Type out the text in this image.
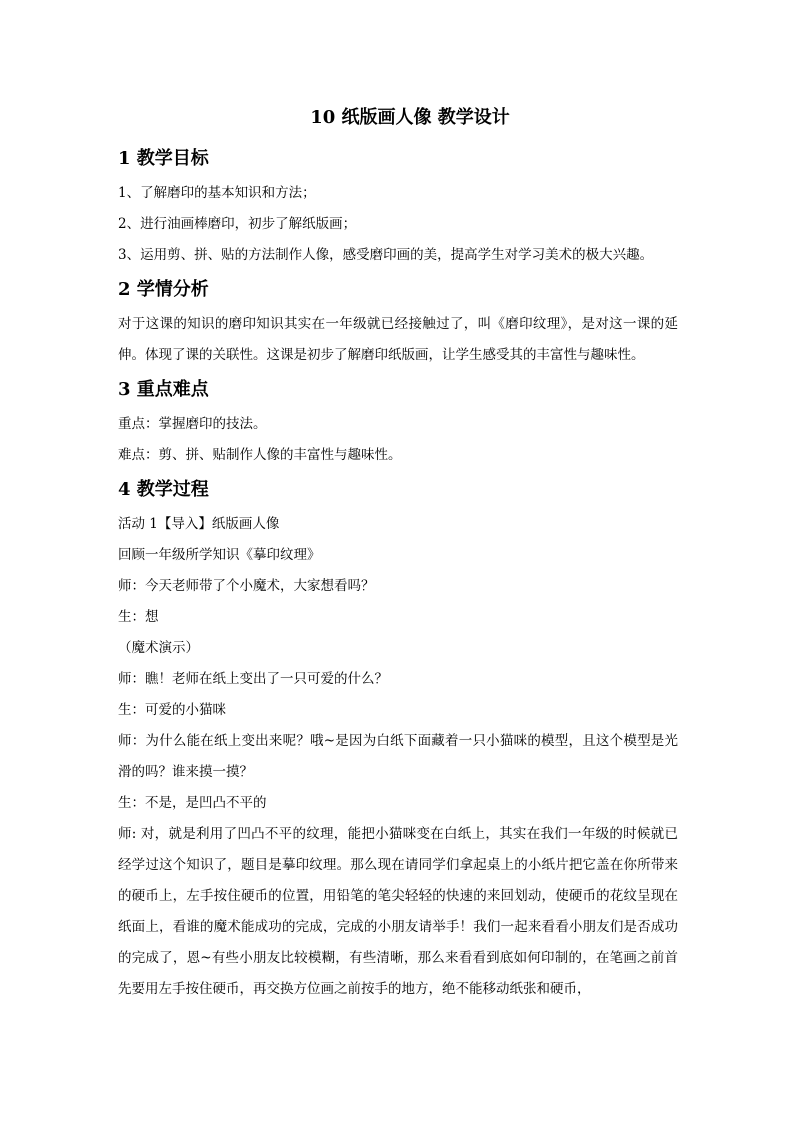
10 纸版画人像 教学设计
1 教学目标

1、了解磨印的基本知识和方法；

2、进行油画棒磨印，初步了解纸版画；

3、运用剪、拼、贴的方法制作人像，感受磨印画的美，提高学生对学习美术的极大兴趣。

2 学情分析

对于这课的知识的磨印知识其实在一年级就已经接触过了，叫《磨印纹理》，是对这一课的延伸。体现了课的关联性。这课是初步了解磨印纸版画，让学生感受其的丰富性与趣味性。

3 重点难点

重点：掌握磨印的技法。

难点：剪、拼、贴制作人像的丰富性与趣味性。

4 教学过程

活动 1【导入】纸版画人像

回顾一年级所学知识《摹印纹理》

师：今天老师带了个小魔术，大家想看吗？

生：想

（魔术演示）

师：瞧！老师在纸上变出了一只可爱的什么？

生：可爱的小猫咪

师：为什么能在纸上变出来呢？哦~是因为白纸下面藏着一只小猫咪的模型，且这个模型是光滑的吗？谁来摸一摸？

生：不是，是凹凸不平的

师: 对，就是利用了凹凸不平的纹理，能把小猫咪变在白纸上，其实在我们一年级的时候就已经学过这个知识了，题目是摹印纹理。那么现在请同学们拿起桌上的小纸片把它盖在你所带来的硬币上，左手按住硬币的位置，用铅笔的笔尖轻轻的快速的来回划动，使硬币的花纹呈现在纸面上，看谁的魔术能成功的完成，完成的小朋友请举手！我们一起来看看小朋友们是否成功的完成了，恩~有些小朋友比较模糊，有些清晰，那么来看看到底如何印制的，在笔画之前首先要用左手按住硬币，再交换方位画之前按手的地方，绝不能移动纸张和硬币，
